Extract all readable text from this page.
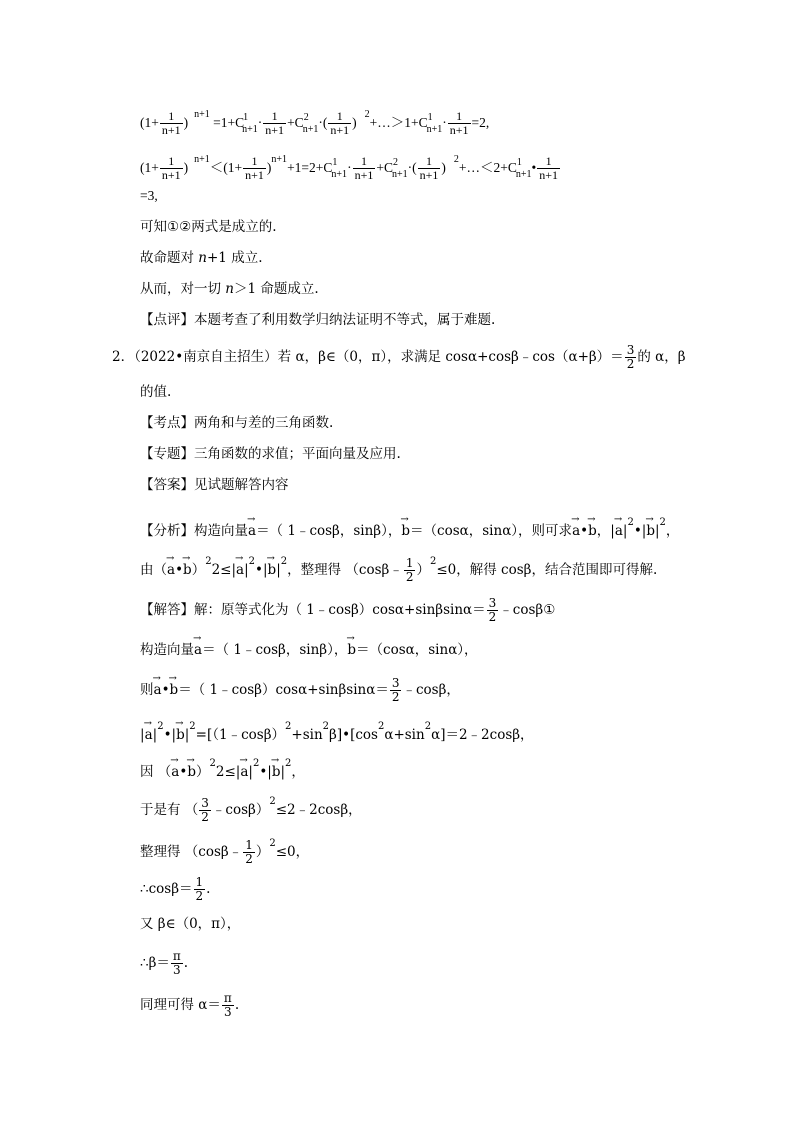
$(1+ \frac{1}{n+1} )^{n+1} =1+C^1_{n+1}\cdot \frac{1}{n+1} +C^2_{n+1}\cdot( \frac{1}{n+1}$ )$^2+\dots>1+C^1_{n+1}\cdot \frac{1}{n+1} =2$,
$(1+ \frac{1}{n+1} )^{n+1}<(1+ \frac{1}{n+1} )^{n+1}+1=2+C^1_{n+1}\cdot \frac{1}{n+1} +C^2_{n+1}\cdot( \frac{1}{n+1}$ )$^2+\dots<2+C^1_{n+1}• \frac{1}{n+1}$
=3,
可知①②两式是成立的.
故命题对 n+1 成立.
从而，对一切 n＞1 命题成立.
【点评】本题考查了利用数学归纳法证明不等式，属于难题.
2．（2022•南京自主招生）若 α，β∈（0，π），求满足 cosα+cosβ﹣cos（α+β）＝ $\frac{3}{2}$ 的 α，β
的值.
【考点】两角和与差的三角函数.
【专题】三角函数的求值；平面向量及应用.
【答案】见试题解答内容
【分析】构造向量→ a＝（ 1﹣cosβ，sinβ），→ b＝（cosα，sinα），则可求→ a•→ b，|→ $a|^2•|\to b|^2$，
由（→ a•→ $b)^22\le|\to a|^2•|\to b|^2$，整理得 （cosβ﹣ $\frac{1}{2} )^2\le 0$，解得 cosβ，结合范围即可得解.
【解答】解：原等式化为（ 1﹣cosβ）cosα+sinβsinα＝ $\frac{3}{2}$ ﹣cosβ①
构造向量→ a＝（ 1﹣cosβ，sinβ），→ b＝（cosα，sinα），
则→ a•→ b＝（ 1﹣cosβ）cosα+sinβsinα＝ $\frac{3}{2}$ ﹣cosβ，
|→ $a|^2•|\to$ $b|^2=[(1﹣\cos\beta)^2+\sin^2\beta]•[\cos^2\alpha+\sin^2\alpha]=2﹣2\cos\beta$，
因 （→ a•→ $b)^22\le|\to a|^2•|\to b|^2$，
于是有 （ $\frac{3}{2}$ ﹣cosβ）$^2$≤2﹣2cosβ，
整理得 （cosβ﹣ $\frac{1}{2} )^2\le 0$，
∴cosβ＝ $\frac{1}{2}$ .
又 β∈（0，π），
∴β＝ $\frac{\pi}{3}$ .
同理可得 $\alpha= \frac{\pi}{3}$ .
